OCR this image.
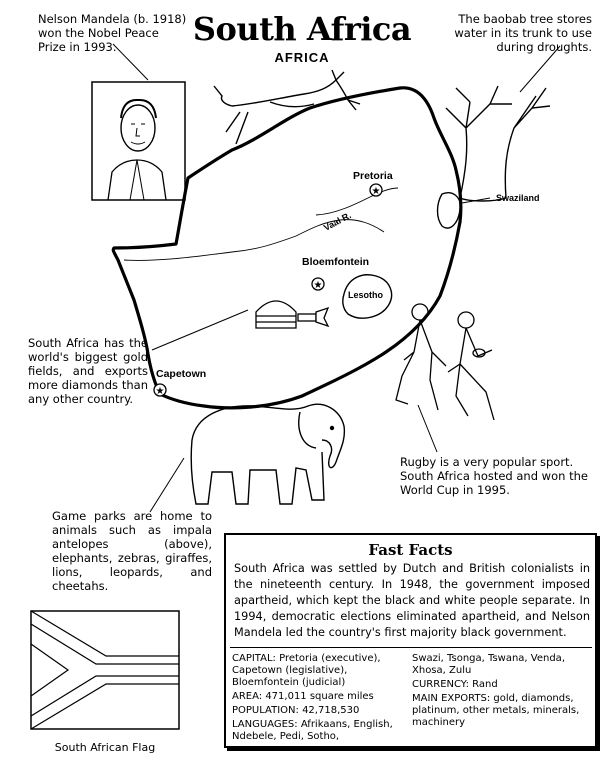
South Africa
AFRICA
Nelson Mandela (b. 1918) won the Nobel Peace Prize in 1993.
The baobab tree stores water in its trunk to use during droughts.
South Africa has the world's biggest gold fields, and exports more diamonds than any other country.
Rugby is a very popular sport. South Africa hosted and won the World Cup in 1995.
Game parks are home to animals such as impala antelopes (above), elephants, zebras, giraffes, lions, leopards, and cheetahs.
★
★
★
Pretoria
Bloemfontein
Capetown
Lesotho
Swaziland
Vaal R.
Fast Facts
South Africa was settled by Dutch and British colonialists in the nineteenth century. In 1948, the government imposed apartheid, which kept the black and white people separate. In 1994, democratic elections eliminated apartheid, and Nelson Mandela led the country's first majority black government.
CAPITAL: Pretoria (executive), Capetown (legislative), Bloemfontein (judicial)
AREA: 471,011 square miles
POPULATION: 42,718,530
LANGUAGES: Afrikaans, English, Ndebele, Pedi, Sotho,
Swazi, Tsonga, Tswana, Venda, Xhosa, Zulu
CURRENCY: Rand
MAIN EXPORTS: gold, diamonds, platinum, other metals, minerals, machinery
South African Flag
